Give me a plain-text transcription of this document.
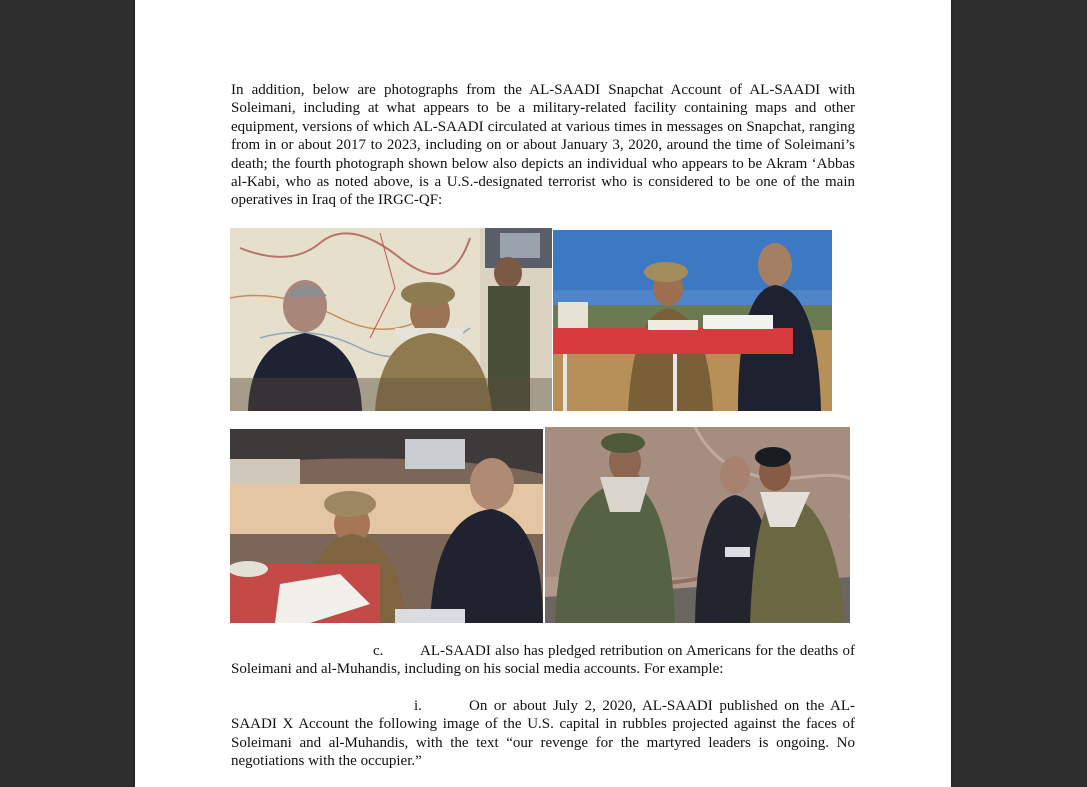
In addition, below are photographs from the AL-SAADI Snapchat Account of AL-SAADI with Soleimani, including at what appears to be a military-related facility containing maps and other equipment, versions of which AL-SAADI circulated at various times in messages on Snapchat, ranging from in or about 2017 to 2023, including on or about January 3, 2020, around the time of Soleimani’s death; the fourth photograph shown below also depicts an individual who appears to be Akram ‘Abbas al-Kabi, who as noted above, is a U.S.-designated terrorist who is considered to be one of the main operatives in Iraq of the IRGC-QF:

c. AL-SAADI also has pledged retribution on Americans for the deaths of Soleimani and al-Muhandis, including on his social media accounts. For example:

i.	On or about July 2, 2020, AL-SAADI published on the AL-SAADI X Account the following image of the U.S. capital in rubbles projected against the faces of Soleimani and al-Muhandis, with the text “our revenge for the martyred leaders is ongoing. No negotiations with the occupier.”
